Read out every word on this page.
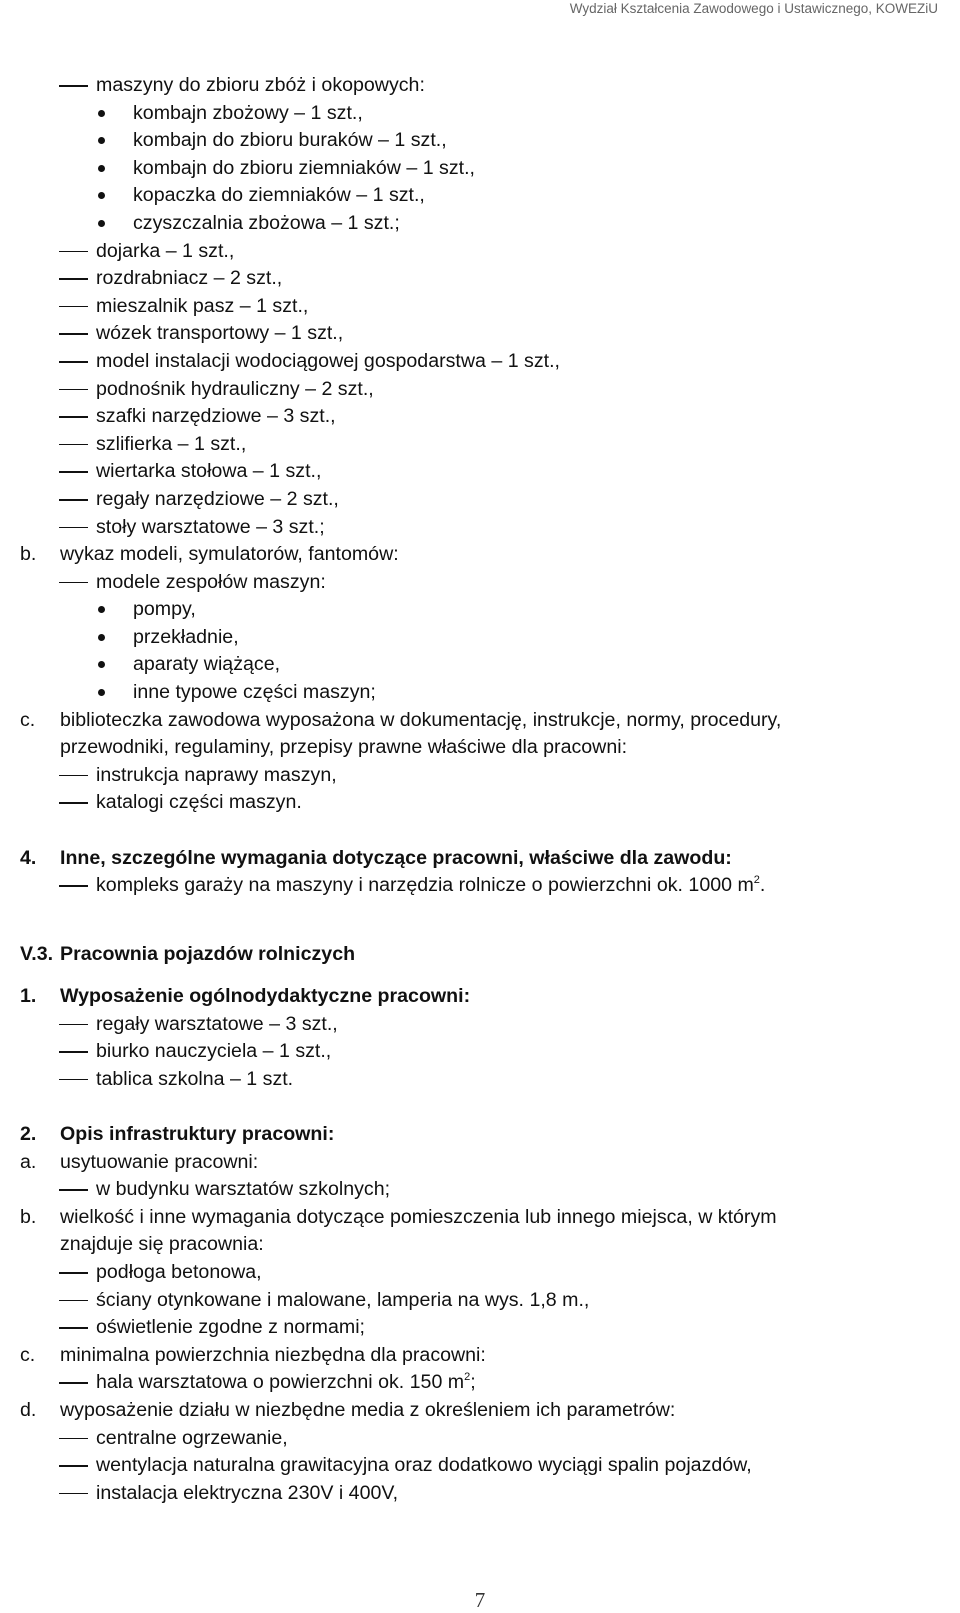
Wydział Kształcenia Zawodowego i Ustawicznego, KOWEZiU
maszyny do zbioru zbóż i okopowych:
kombajn zbożowy – 1 szt.,
kombajn do zbioru buraków – 1 szt.,
kombajn do zbioru ziemniaków – 1 szt.,
kopaczka do ziemniaków – 1 szt.,
czyszczalnia zbożowa – 1 szt.;
dojarka – 1 szt.,
rozdrabniacz – 2 szt.,
mieszalnik pasz – 1 szt.,
wózek transportowy – 1 szt.,
model instalacji wodociągowej gospodarstwa – 1 szt.,
podnośnik hydrauliczny – 2 szt.,
szafki narzędziowe – 3 szt.,
szlifierka – 1 szt.,
wiertarka stołowa – 1 szt.,
regały narzędziowe – 2 szt.,
stoły warsztatowe – 3 szt.;
b. wykaz modeli, symulatorów, fantomów:
modele zespołów maszyn:
pompy,
przekładnie,
aparaty wiążące,
inne typowe części maszyn;
c. biblioteczka zawodowa wyposażona w dokumentację, instrukcje, normy, procedury,
przewodniki, regulaminy, przepisy prawne właściwe dla pracowni:
instrukcja naprawy maszyn,
katalogi części maszyn.
4. Inne, szczególne wymagania dotyczące pracowni, właściwe dla zawodu:
kompleks garaży na maszyny i narzędzia rolnicze o powierzchni ok. 1000 $m^2$.
V.3. Pracownia pojazdów rolniczych
1. Wyposażenie ogólnodydaktyczne pracowni:
regały warsztatowe – 3 szt.,
biurko nauczyciela – 1 szt.,
tablica szkolna – 1 szt.
2. Opis infrastruktury pracowni:
a. usytuowanie pracowni:
w budynku warsztatów szkolnych;
b. wielkość i inne wymagania dotyczące pomieszczenia lub innego miejsca, w którym
znajduje się pracownia:
podłoga betonowa,
ściany otynkowane i malowane, lamperia na wys. 1,8 m.,
oświetlenie zgodne z normami;
c. minimalna powierzchnia niezbędna dla pracowni:
hala warsztatowa o powierzchni ok. 150 $m^2$;
d. wyposażenie działu w niezbędne media z określeniem ich parametrów:
centralne ogrzewanie,
wentylacja naturalna grawitacyjna oraz dodatkowo wyciągi spalin pojazdów,
instalacja elektryczna 230V i 400V,
7
